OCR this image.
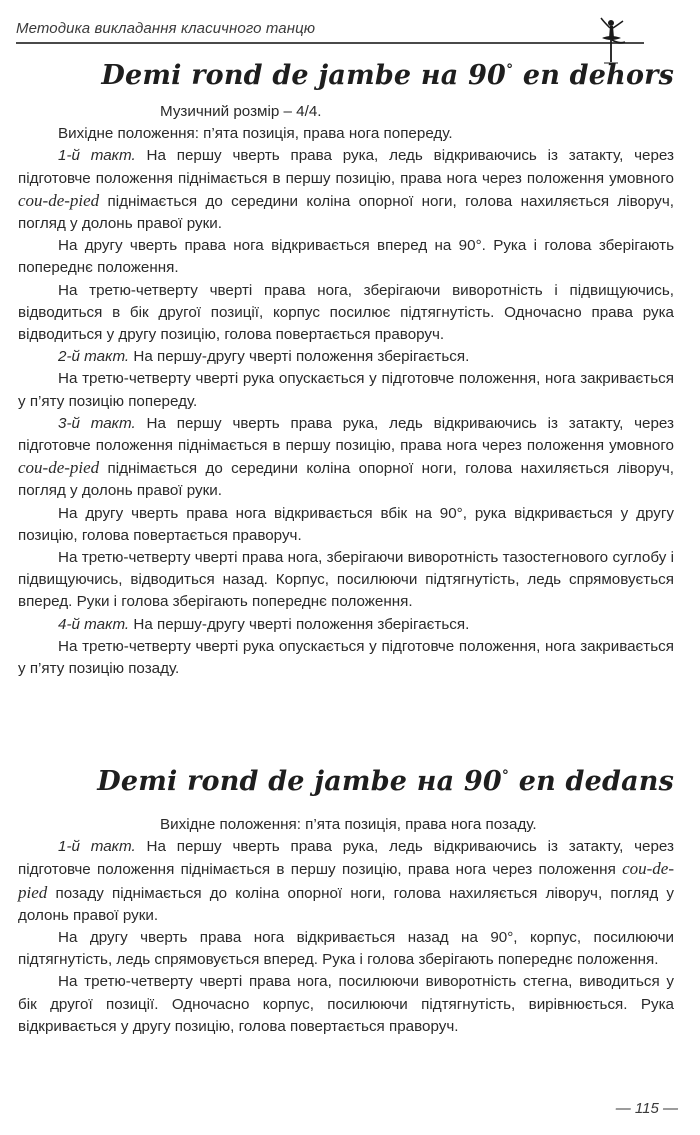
Методика викладання класичного танцю
Demi rond de jambe на 90° en dehors

Музичний розмір – 4/4.

Вихідне положення: п’ята позиція, права нога попереду.

1-й такт. На першу чверть права рука, ледь відкриваючись із затакту, через підготовче положення піднімається в першу позицію, права нога через положення умовного cou-de-pied піднімається до середини коліна опорної ноги, голова нахиляється ліворуч, погляд у долонь правої руки.

На другу чверть права нога відкривається вперед на 90°. Рука і голова зберігають попереднє положення.

На третю-четверту чверті права нога, зберігаючи виворотність і підвищуючись, відводиться в бік другої позиції, корпус посилює підтягнутість. Одночасно права рука відводиться у другу позицію, голова повертається праворуч.

2-й такт. На першу-другу чверті положення зберігається.

На третю-четверту чверті рука опускається у підготовче положення, нога закривається у п’яту позицію попереду.

3-й такт. На першу чверть права рука, ледь відкриваючись із затакту, через підготовче положення піднімається в першу позицію, права нога через положення умовного cou-de-pied піднімається до середини коліна опорної ноги, голова нахиляється ліворуч, погляд у долонь правої руки.

На другу чверть права нога відкривається вбік на 90°, рука відкривається у другу позицію, голова повертається праворуч.

На третю-четверту чверті права нога, зберігаючи виворотність тазостегнового суглобу і підвищуючись, відводиться назад. Корпус, посилюючи підтягнутість, ледь спрямовується вперед. Руки і голова зберігають попереднє положення.

4-й такт. На першу-другу чверті положення зберігається.

На третю-четверту чверті рука опускається у підготовче положення, нога закривається у п’яту позицію позаду.

Demi rond de jambe на 90° en dedans

Вихідне положення: п’ята позиція, права нога позаду.

1-й такт. На першу чверть права рука, ледь відкриваючись із затакту, через підготовче положення піднімається в першу позицію, права нога через положення cou-de-pied позаду піднімається до коліна опорної ноги, голова нахиляється ліворуч, погляд у долонь правої руки.

На другу чверть права нога відкривається назад на 90°, корпус, посилюючи підтягнутість, ледь спрямовується вперед. Рука і голова зберігають попереднє положення.

На третю-четверту чверті права нога, посилюючи виворотність стегна, виводиться у бік другої позиції. Одночасно корпус, посилюючи підтягнутість, вирівнюється. Рука відкривається у другу позицію, голова повертається праворуч.

— 115 —
